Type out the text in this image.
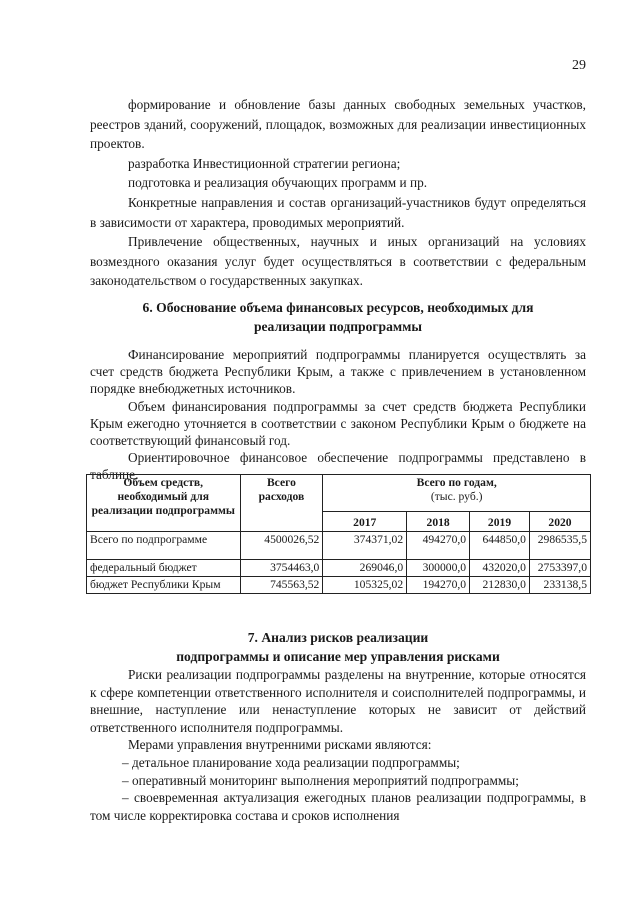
29

формирование и обновление базы данных свободных земельных участков, реестров зданий, сооружений, площадок, возможных для реализации инвестиционных проектов.

разработка Инвестиционной стратегии региона;

подготовка и реализация обучающих программ и пр.

Конкретные направления и состав организаций-участников будут определяться в зависимости от характера, проводимых мероприятий.

Привлечение общественных, научных и иных организаций на условиях возмездного оказания услуг будет осуществляться в соответствии с федеральным законодательством о государственных закупках.

6. Обоснование объема финансовых ресурсов, необходимых для

реализации подпрограммы

Финансирование мероприятий подпрограммы планируется осуществлять за счет средств бюджета Республики Крым, а также с привлечением в установленном порядке внебюджетных источников.

Объем финансирования подпрограммы за счет средств бюджета Республики Крым ежегодно уточняется в соответствии с законом Республики Крым о бюджете на соответствующий финансовый год.

Ориентировочное финансовое обеспечение подпрограммы представлено в таблице.

Объем средств, необходимый для реализации подпрограммы	Всего расходов	Всего по годам,
(тыс. руб.)			

		2017	2018	2019	2020
Всего по подпрограмме	4500026,52	374371,02	494270,0	644850,0	2986535,5
федеральный бюджет	3754463,0	269046,0	300000,0	432020,0	2753397,0
бюджет Республики Крым	745563,52	105325,02	194270,0	212830,0	233138,5

7. Анализ рисков реализации

подпрограммы и описание мер управления рисками

Риски реализации подпрограммы разделены на внутренние, которые относятся к сфере компетенции ответственного исполнителя и соисполнителей подпрограммы, и внешние, наступление или ненаступление которых не зависит от действий ответственного исполнителя подпрограммы.

Мерами управления внутренними рисками являются:

– детальное планирование хода реализации подпрограммы;

– оперативный мониторинг выполнения мероприятий подпрограммы;

– своевременная актуализация ежегодных планов реализации подпрограммы, в том числе корректировка состава и сроков исполнения
